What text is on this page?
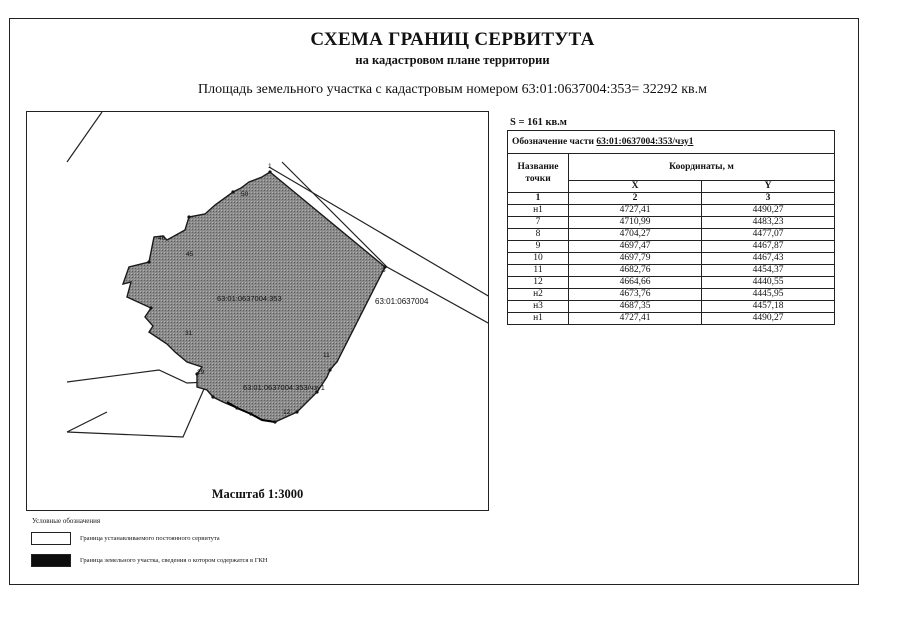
СХЕМА ГРАНИЦ СЕРВИТУТА
на кадастровом плане территории
Площадь земельного участка с кадастровым номером 63:01:0637004:353= 32292 кв.м
63:01:0637004:353	63:01:0637004
63:01:0637004:353/чзу1
1
3
50
46
45
29
31
11
12
Масштаб 1:3000
S = 161 кв.м
Обозначение части 63:01:0637004:353/чзу1		
Название точки	Координаты, м	
	X	Y
1	2	3
н1	4727,41	4490,27
7	4710,99	4483,23
8	4704,27	4477,07
9	4697,47	4467,87
10	4697,79	4467,43
11	4682,76	4454,37
12	4664,66	4440,55
н2	4673,76	4445,95
н3	4687,35	4457,18
н1	4727,41	4490,27
Условные обозначения
Граница устанавливаемого постоянного сервитута
Граница земельного участка, сведения о котором содержатся в ГКН
